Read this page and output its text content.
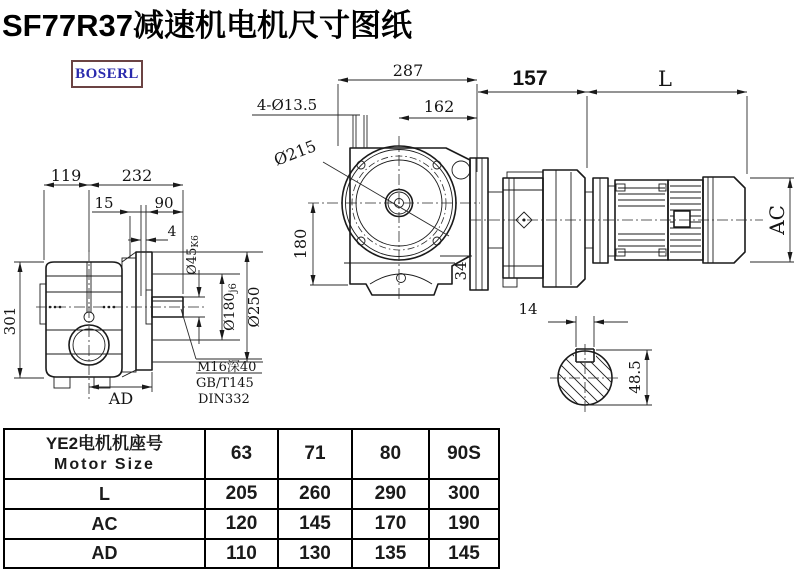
SF77R37减速机电机尺寸图纸
BOSERL
119	232
15	90
4
301
AD
Ø45K6
Ø180j6 Ø250
M16深40
GB/T145
DIN332
Ø215
287
162
4-Ø13.5
180
34
157	L
AC
14
48.5
YE2电机机座号
Motor Size	63	71	80	90S
L	205	260	290	300
AC	120	145	170	190
AD	110	130	135	145
